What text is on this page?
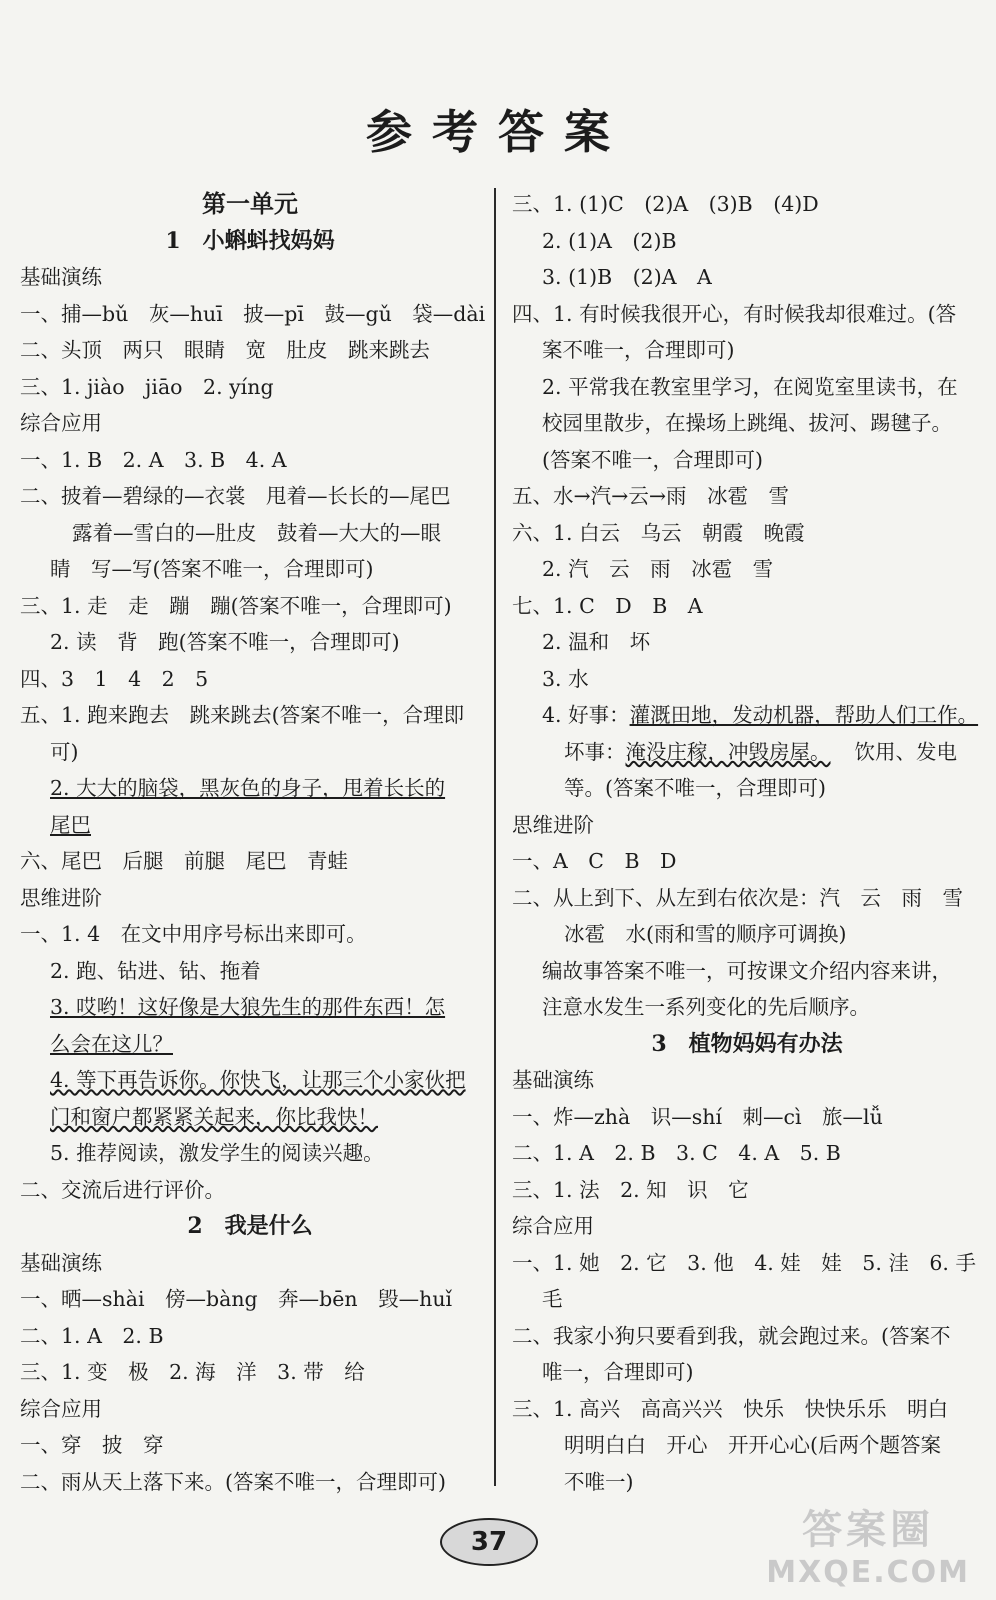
参考答案

第一单元

1　小蝌蚪找妈妈

基础演练

一、捕—bǔ　灰—huī　披—pī　鼓—gǔ　袋—dài

二、头顶　两只　眼睛　宽　肚皮　跳来跳去

三、1. jiào　jiāo　2. yíng

综合应用

一、1. B　2. A　3. B　4. A

二、披着—碧绿的—衣裳　甩着—长长的—尾巴

露着—雪白的—肚皮　鼓着—大大的—眼

睛　写—写(答案不唯一，合理即可)

三、1. 走　走　蹦　蹦(答案不唯一，合理即可)

2. 读　背　跑(答案不唯一，合理即可)

四、3　1　4　2　5

五、1. 跑来跑去　跳来跳去(答案不唯一，合理即

可)

2. 大大的脑袋，黑灰色的身子，甩着长长的

尾巴

六、尾巴　后腿　前腿　尾巴　青蛙

思维进阶

一、1. 4　在文中用序号标出来即可。

2. 跑、钻进、钻、拖着

3. 哎哟！这好像是大狼先生的那件东西！怎

么会在这儿？

4. 等下再告诉你。你快飞，让那三个小家伙把

门和窗户都紧紧关起来，你比我快！

5. 推荐阅读，激发学生的阅读兴趣。

二、交流后进行评价。

2　我是什么

基础演练

一、晒—shài　傍—bàng　奔—bēn　毁—huǐ

二、1. A　2. B

三、1. 变　极　2. 海　洋　3. 带　给

综合应用

一、穿　披　穿

二、雨从天上落下来。(答案不唯一，合理即可)

三、1. (1)C　(2)A　(3)B　(4)D

2. (1)A　(2)B

3. (1)B　(2)A　A

四、1. 有时候我很开心，有时候我却很难过。(答

案不唯一，合理即可)

2. 平常我在教室里学习，在阅览室里读书，在

校园里散步，在操场上跳绳、拔河、踢毽子。

(答案不唯一，合理即可)

五、水→汽→云→雨　冰雹　雪

六、1. 白云　乌云　朝霞　晚霞

2. 汽　云　雨　冰雹　雪

七、1. C　D　B　A

2. 温和　坏

3. 水

4. 好事：灌溉田地，发动机器，帮助人们工作。

坏事：淹没庄稼，冲毁房屋。 饮用、发电

等。(答案不唯一，合理即可)

思维进阶

一、A　C　B　D

二、从上到下、从左到右依次是：汽　云　雨　雪

冰雹　水(雨和雪的顺序可调换)

编故事答案不唯一，可按课文介绍内容来讲，

注意水发生一系列变化的先后顺序。

3　植物妈妈有办法

基础演练

一、炸—zhà　识—shí　刺—cì　旅—lǚ

二、1. A　2. B　3. C　4. A　5. B

三、1. 法　2. 知　识　它

综合应用

一、1. 她　2. 它　3. 他　4. 娃　娃　5. 洼　6. 手

毛

二、我家小狗只要看到我，就会跑过来。(答案不

唯一，合理即可)

三、1. 高兴　高高兴兴　快乐　快快乐乐　明白

明明白白　开心　开开心心(后两个题答案

不唯一)

37	答案圈
MXQE.COM
